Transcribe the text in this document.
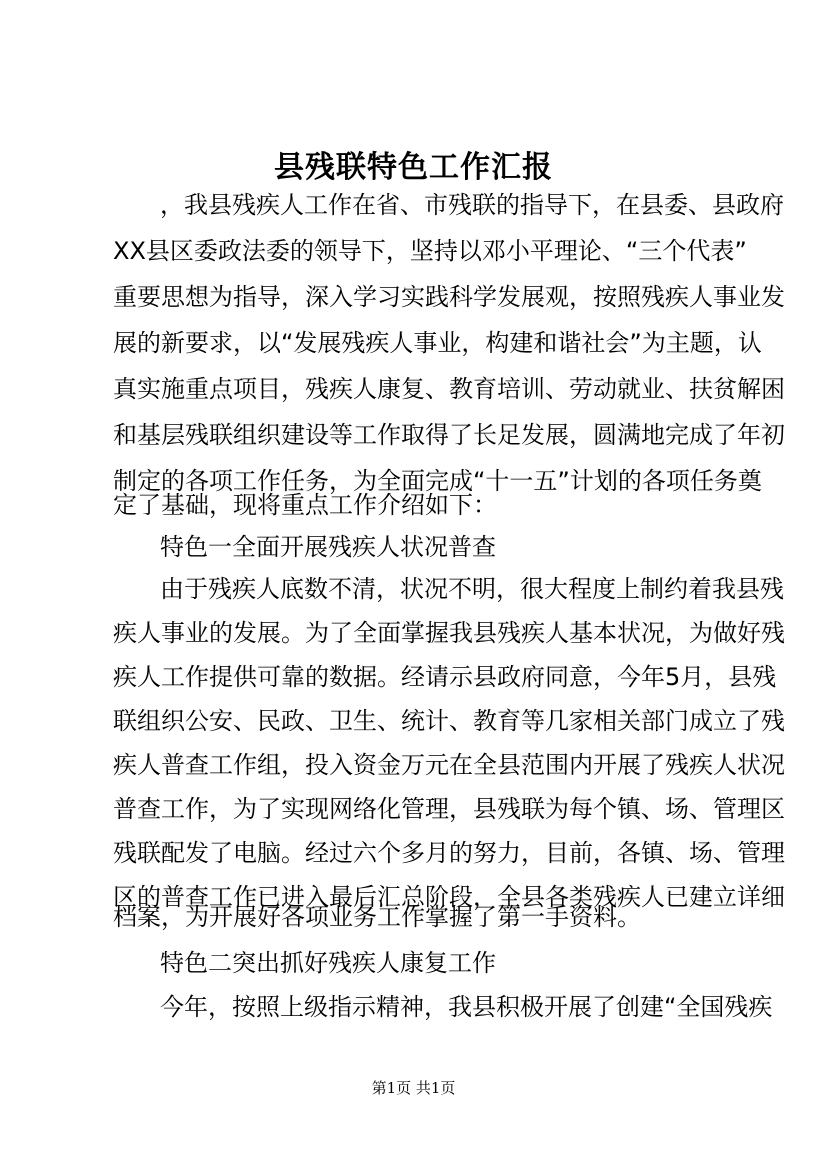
县残联特色工作汇报
，我县残疾人工作在省、市残联的指导下，在县委、县政府
XX县区委政法委的领导下，坚持以邓小平理论、“三个代表”
重要思想为指导，深入学习实践科学发展观，按照残疾人事业发
展的新要求，以“发展残疾人事业，构建和谐社会”为主题，认
真实施重点项目，残疾人康复、教育培训、劳动就业、扶贫解困
和基层残联组织建设等工作取得了长足发展，圆满地完成了年初
制定的各项工作任务，为全面完成“十一五”计划的各项任务奠
定了基础，现将重点工作介绍如下：
特色一全面开展残疾人状况普查
由于残疾人底数不清，状况不明，很大程度上制约着我县残
疾人事业的发展。为了全面掌握我县残疾人基本状况，为做好残
疾人工作提供可靠的数据。经请示县政府同意，今年5月，县残
联组织公安、民政、卫生、统计、教育等几家相关部门成立了残
疾人普查工作组，投入资金万元在全县范围内开展了残疾人状况
普查工作，为了实现网络化管理，县残联为每个镇、场、管理区
残联配发了电脑。经过六个多月的努力，目前，各镇、场、管理
区的普查工作已进入最后汇总阶段，全县各类残疾人已建立详细
档案，为开展好各项业务工作掌握了第一手资料。
特色二突出抓好残疾人康复工作
今年，按照上级指示精神，我县积极开展了创建“全国残疾
第1页 共1页
